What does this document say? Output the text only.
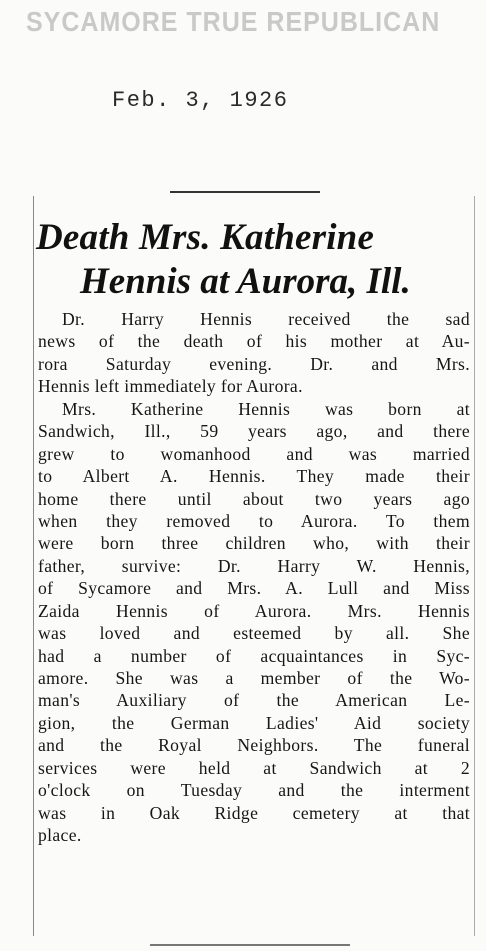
SYCAMORE TRUE REPUBLICAN
Feb. 3, 1926
Death Mrs. Katherine
Hennis at Aurora, Ill.
Dr. Harry Hennis received the sad
news of the death of his mother at Au-
rora Saturday evening. Dr. and Mrs.
Hennis left immediately for Aurora.
Mrs. Katherine Hennis was born at
Sandwich, Ill., 59 years ago, and there
grew to womanhood and was married
to Albert A. Hennis. They made their
home there until about two years ago
when they removed to Aurora. To them
were born three children who, with their
father, survive: Dr. Harry W. Hennis,
of Sycamore and Mrs. A. Lull and Miss
Zaida Hennis of Aurora. Mrs. Hennis
was loved and esteemed by all. She
had a number of acquaintances in Syc-
amore. She was a member of the Wo-
man's Auxiliary of the American Le-
gion, the German Ladies' Aid society
and the Royal Neighbors. The funeral
services were held at Sandwich at 2
o'clock on Tuesday and the interment
was in Oak Ridge cemetery at that
place.
